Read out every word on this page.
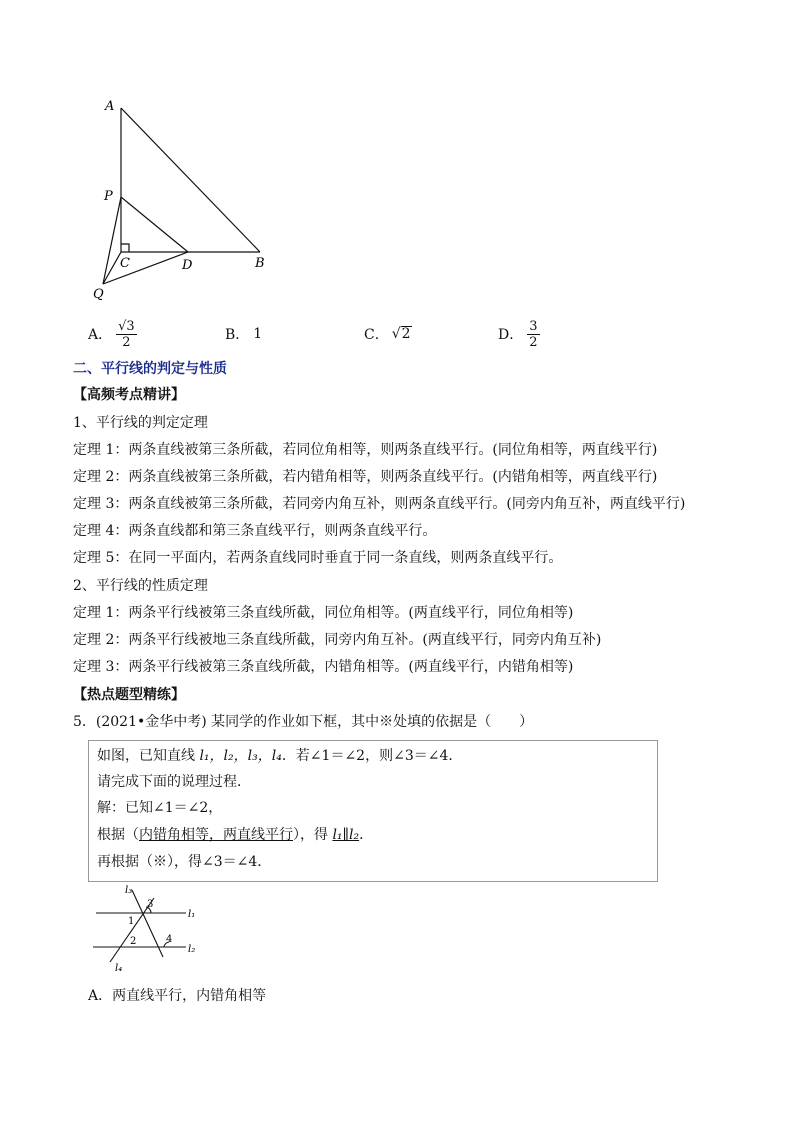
A
P
C	D	B
Q
A． $\frac{√3}{2}$	B． 1	C． √ 2	D． $\frac{3}{2}$
二、平行线的判定与性质
【高频考点精讲】
1、平行线的判定定理
定理 1：两条直线被第三条所截，若同位角相等，则两条直线平行。(同位角相等，两直线平行)
定理 2：两条直线被第三条所截，若内错角相等，则两条直线平行。(内错角相等，两直线平行)
定理 3：两条直线被第三条所截，若同旁内角互补，则两条直线平行。(同旁内角互补，两直线平行)
定理 4：两条直线都和第三条直线平行，则两条直线平行。
定理 5：在同一平面内，若两条直线同时垂直于同一条直线，则两条直线平行。
2、平行线的性质定理
定理 1：两条平行线被第三条直线所截，同位角相等。(两直线平行，同位角相等)
定理 2：两条平行线被地三条直线所截，同旁内角互补。(两直线平行，同旁内角互补)
定理 3：两条平行线被第三条直线所截，内错角相等。(两直线平行，内错角相等)
【热点题型精练】
5．(2021•金华中考) 某同学的作业如下框，其中※处填的依据是（　　）
如图，已知直线 l₁，l₂，l₃，l₄．若∠1＝∠2，则∠3＝∠4．
请完成下面的说理过程．
解：已知∠1＝∠2，
根据（内错角相等，两直线平行），得 l₁∥l₂．
再根据（※），得∠3＝∠4．
l₃
l₁
l₂
l₄
1
2
3
4
A．两直线平行，内错角相等
